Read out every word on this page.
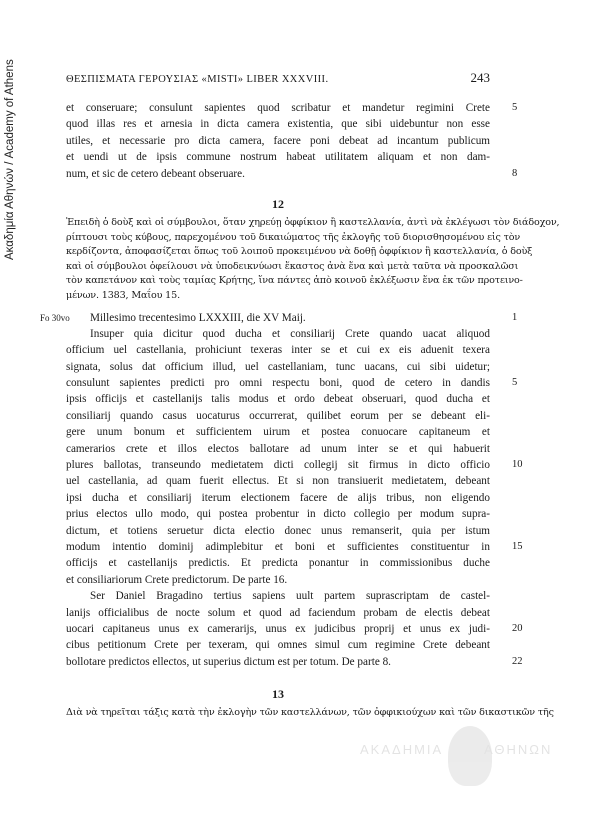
Ακαδημία Αθηνών / Academy of Athens	ΘΕΣΠΙΣΜΑΤΑ ΓΕΡΟΥΣΙΑΣ «MISTI» LIBER XXXVIII.	243
et conseruare; consulunt sapientes quod scribatur et mandetur regimini Crete 5
quod illas res et arnesia in dicta camera existentia, que sibi uidebuntur non esse
utiles, et necessarie pro dicta camera, facere poni debeat ad incantum publicum
et uendi ut de ipsis commune nostrum habeat utilitatem aliquam et non dam-
num, et sic de cetero debeant obseruare.	8
12
Ἐπειδὴ ὁ δοὺξ καὶ οἱ σύμβουλοι, ὅταν χηρεύῃ ὀφφίκιον ἢ καστελλανία, ἀντὶ νὰ ἐκλέγωσι τὸν διάδοχον,
ρίπτουσι τοὺς κύβους, παρεχομένου τοῦ δικαιώματος τῆς ἐκλογῆς τοῦ διορισθησομένου εἰς τὸν
κερδίζοντα, ἀποφασίζεται ὅπως τοῦ λοιποῦ προκειμένου νὰ δοθῇ ὀφφίκιον ἢ καστελλανία, ὁ δοὺξ
καὶ οἱ σύμβουλοι ὀφείλουσι νὰ ὑποδεικνύωσι ἕκαστος ἀνὰ ἕνα καὶ μετὰ ταῦτα νὰ προσκαλῶσι
τὸν καπετάνον καὶ τοὺς ταμίας Κρήτης, ἵνα πάντες ἀπὸ κοινοῦ ἐκλέξωσιν ἕνα ἐκ τῶν προτεινο-
μένων. 1383, Μαΐου 15.
Fo 30vo Millesimo trecentesimo LXXXIII, die XV Maij.	1
Insuper quia dicitur quod ducha et consiliarij Crete quando uacat aliquod
officium uel castellania, prohiciunt texeras inter se et cui ex eis aduenit texera
signata, solus dat officium illud, uel castellaniam, tunc uacans, cui sibi uidetur;
consulunt sapientes predicti pro omni respectu boni, quod de cetero in dandis 5
ipsis officijs et castellanijs talis modus et ordo debeat obseruari, quod ducha et
consiliarij quando casus uocaturus occurrerat, quilibet eorum per se debeant eli-
gere unum bonum et sufficientem uirum et postea conuocare capitaneum et
camerarios crete et illos electos ballotare ad unum inter se et qui habuerit
plures ballotas, transeundo medietatem dicti collegij sit firmus in dicto officio 10
uel castellania, ad quam fuerit ellectus. Et si non transiuerit medietatem, debeant
ipsi ducha et consiliarij iterum electionem facere de alijs tribus, non eligendo
prius electos ullo modo, qui postea probentur in dicto collegio per modum supra-
dictum, et totiens seruetur dicta electio donec unus remanserit, quia per istum
modum intentio dominij adimplebitur et boni et sufficientes constituentur in 15
officijs et castellanijs predictis. Et predicta ponantur in commissionibus duche
et consiliariorum Crete predictorum. De parte 16.
Ser Daniel Bragadino tertius sapiens uult partem suprascriptam de castel-
lanijs officialibus de nocte solum et quod ad faciendum probam de electis debeat
uocari capitaneus unus ex camerarijs, unus ex judicibus proprij et unus ex judi- 20
cibus petitionum Crete per texeram, qui omnes simul cum regimine Crete debeant
bollotare predictos ellectos, ut superius dictum est per totum. De parte 8.	22
13
Διὰ νὰ τηρεῖται τάξις κατὰ τὴν ἐκλογὴν τῶν καστελλάνων, τῶν ὀφφικιούχων καὶ τῶν δικαστικῶν τῆς
ΑΚΑΔΗΜΙΑ	ΑΘΗΝΩΝ
